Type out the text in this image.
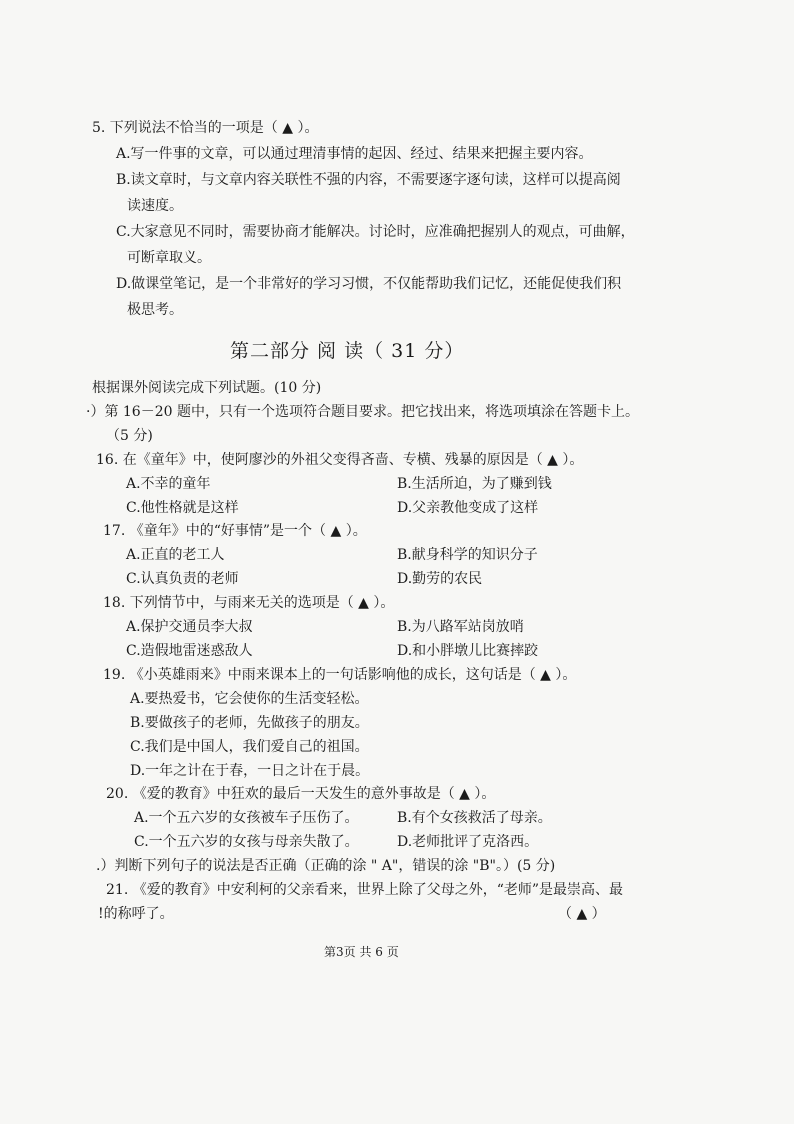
5. 下列说法不恰当的一项是（ ▲ ）。
A.写一件事的文章，可以通过理清事情的起因、经过、结果来把握主要内容。
B.读文章时，与文章内容关联性不强的内容，不需要逐字逐句读，这样可以提高阅
读速度。
C.大家意见不同时，需要协商才能解决。讨论时，应准确把握别人的观点，可曲解，
可断章取义。
D.做课堂笔记，是一个非常好的学习习惯，不仅能帮助我们记忆，还能促使我们积
极思考。
第二部分 阅 读（ 31 分）
根据课外阅读完成下列试题。(10 分)
·）第 16－20 题中，只有一个选项符合题目要求。把它找出来，将选项填涂在答题卡上。
（5 分)
16. 在《童年》中，使阿廖沙的外祖父变得吝啬、专横、残暴的原因是（ ▲ ）。
A.不幸的童年	B.生活所迫，为了赚到钱
C.他性格就是这样	D.父亲教他变成了这样
17. 《童年》中的“好事情”是一个（ ▲ ）。
A.正直的老工人	B.献身科学的知识分子
C.认真负责的老师	D.勤劳的农民
18. 下列情节中，与雨来无关的选项是（ ▲ ）。
A.保护交通员李大叔	B.为八路军站岗放哨
C.造假地雷迷惑敌人	D.和小胖墩儿比赛摔跤
19. 《小英雄雨来》中雨来课本上的一句话影响他的成长，这句话是（ ▲ ）。
A.要热爱书，它会使你的生活变轻松。
B.要做孩子的老师，先做孩子的朋友。
C.我们是中国人，我们爱自己的祖国。
D.一年之计在于春，一日之计在于晨。
20. 《爱的教育》中狂欢的最后一天发生的意外事故是（ ▲ ）。
A.一个五六岁的女孩被车子压伤了。	B.有个女孩救活了母亲。
C.一个五六岁的女孩与母亲失散了。	D.老师批评了克洛西。
.）判断下列句子的说法是否正确（正确的涂 " A"，错误的涂 "B"。）(5 分)
21. 《爱的教育》中安利柯的父亲看来，世界上除了父母之外，“老师”是最崇高、最
!的称呼了。	（ ▲ ）
第3页 共 6 页
